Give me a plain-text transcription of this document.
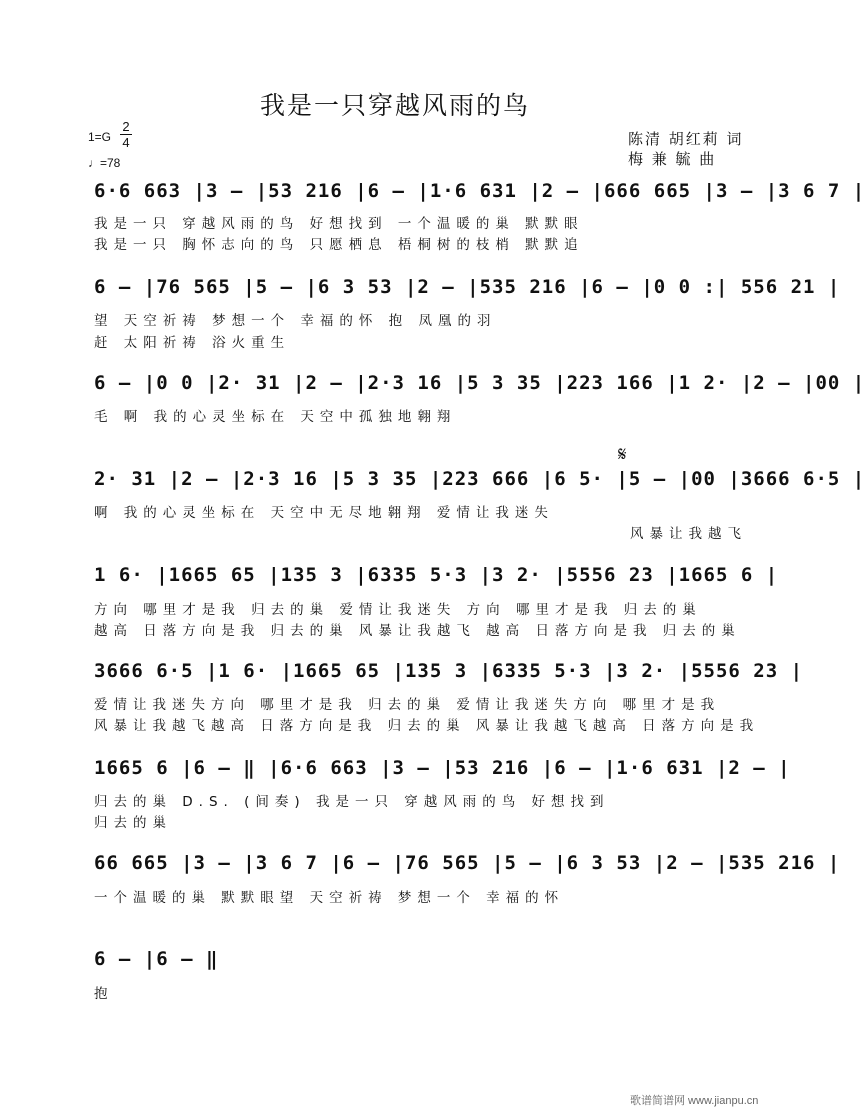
我是一只穿越风雨的鸟
1=G
2
4
♩=78
陈清 胡红莉 词
梅 兼 毓 曲
6·6 663 |3 – |53 216 |6 – |1·6 631 |2 – |666 665 |3 – |3 6 7 |
我是一只 穿越风雨的鸟 好想找到 一个温暖的巢 默默眼
我是一只 胸怀志向的鸟 只愿栖息 梧桐树的枝梢 默默追
6 – |76 565 |5 – |6 3 53 |2 – |535 216 |6 – |0 0 :| 556 21 |
望 天空祈祷 梦想一个 幸福的怀 抱 凤凰的羽
赶 太阳祈祷 浴火重生
6 – |0 0 |2· 31 |2 – |2·3 16 |5 3 35 |223 166 |1 2· |2 – |00 |
毛 啊 我的心灵坐标在 天空中孤独地翱翔
𝄋
2· 31 |2 – |2·3 16 |5 3 35 |223 666 |6 5· |5 – |00 |3666 6·5 |
啊 我的心灵坐标在 天空中无尽地翱翔 爱情让我迷失
风暴让我越飞
1 6· |1665 65 |135 3 |6335 5·3 |3 2· |5556 23 |1665 6 |
方向 哪里才是我 归去的巢 爱情让我迷失 方向 哪里才是我 归去的巢
越高 日落方向是我 归去的巢 风暴让我越飞 越高 日落方向是我 归去的巢
3666 6·5 |1 6· |1665 65 |135 3 |6335 5·3 |3 2· |5556 23 |
爱情让我迷失方向 哪里才是我 归去的巢 爱情让我迷失方向 哪里才是我
风暴让我越飞越高 日落方向是我 归去的巢 风暴让我越飞越高 日落方向是我
1665 6 |6 – ‖ |6·6 663 |3 – |53 216 |6 – |1·6 631 |2 – |
归去的巢 D.S. (间奏) 我是一只 穿越风雨的鸟 好想找到
归去的巢
66 665 |3 – |3 6 7 |6 – |76 565 |5 – |6 3 53 |2 – |535 216 |
一个温暖的巢 默默眼望 天空祈祷 梦想一个 幸福的怀
6 – |6 – ‖
抱
歌谱简谱网 www.jianpu.cn
